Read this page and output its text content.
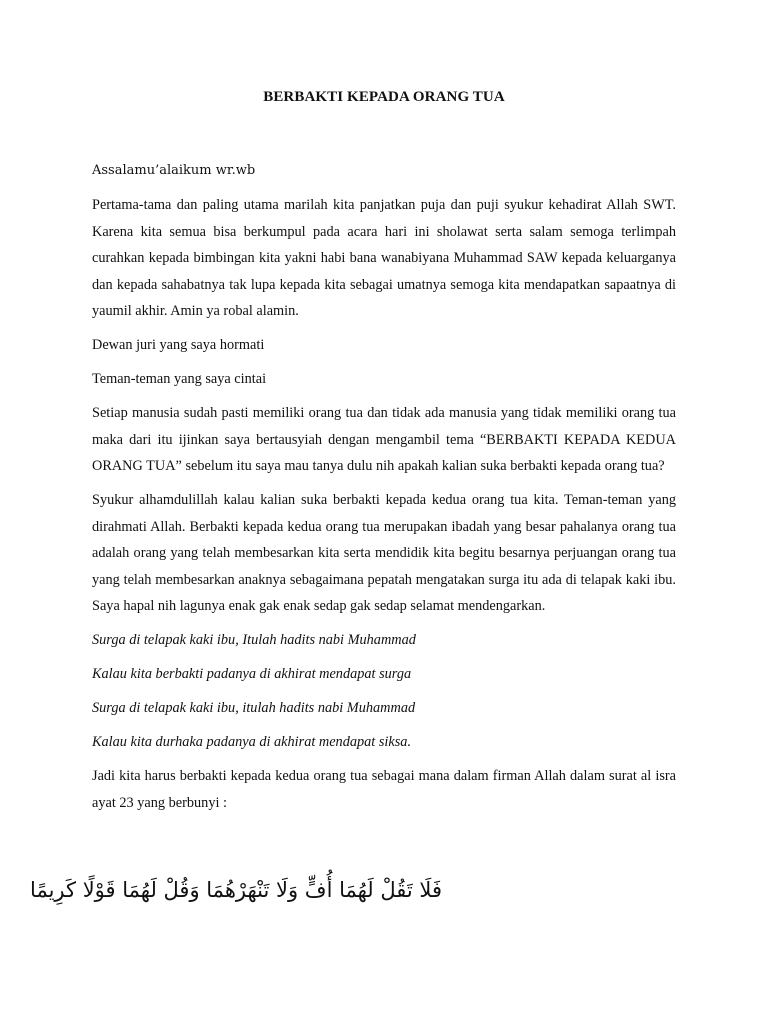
BERBAKTI KEPADA ORANG TUA

Assalamu’alaikum wr.wb

Pertama-tama dan paling utama marilah kita panjatkan puja dan puji syukur kehadirat Allah SWT. Karena kita semua bisa berkumpul pada acara hari ini sholawat serta salam semoga terlimpah curahkan kepada bimbingan kita yakni habi bana wanabiyana Muhammad SAW kepada keluarganya dan kepada sahabatnya tak lupa kepada kita sebagai umatnya semoga kita mendapatkan sapaatnya di yaumil akhir. Amin ya robal alamin.

Dewan juri yang saya hormati

Teman-teman yang saya cintai

Setiap manusia sudah pasti memiliki orang tua dan tidak ada manusia yang tidak memiliki orang tua maka dari itu ijinkan saya bertausyiah dengan mengambil tema “BERBAKTI KEPADA KEDUA ORANG TUA” sebelum itu saya mau tanya dulu nih apakah kalian suka berbakti kepada orang tua?

Syukur alhamdulillah kalau kalian suka berbakti kepada kedua orang tua kita. Teman-teman yang dirahmati Allah. Berbakti kepada kedua orang tua merupakan ibadah yang besar pahalanya orang tua adalah orang yang telah membesarkan kita serta mendidik kita begitu besarnya perjuangan orang tua yang telah membesarkan anaknya sebagaimana pepatah mengatakan surga itu ada di telapak kaki ibu. Saya hapal nih lagunya enak gak enak sedap gak sedap selamat mendengarkan.

Surga di telapak kaki ibu, Itulah hadits nabi Muhammad

Kalau kita berbakti padanya di akhirat mendapat surga

Surga di telapak kaki ibu, itulah hadits nabi Muhammad

Kalau kita durhaka padanya di akhirat mendapat siksa.

Jadi kita harus berbakti kepada kedua orang tua sebagai mana dalam firman Allah dalam surat al isra ayat 23 yang berbunyi :

فَلَا تَقُلْ لَهُمَا أُفٍّ وَلَا تَنْهَرْهُمَا وَقُلْ لَهُمَا قَوْلًا كَرِيمًا
